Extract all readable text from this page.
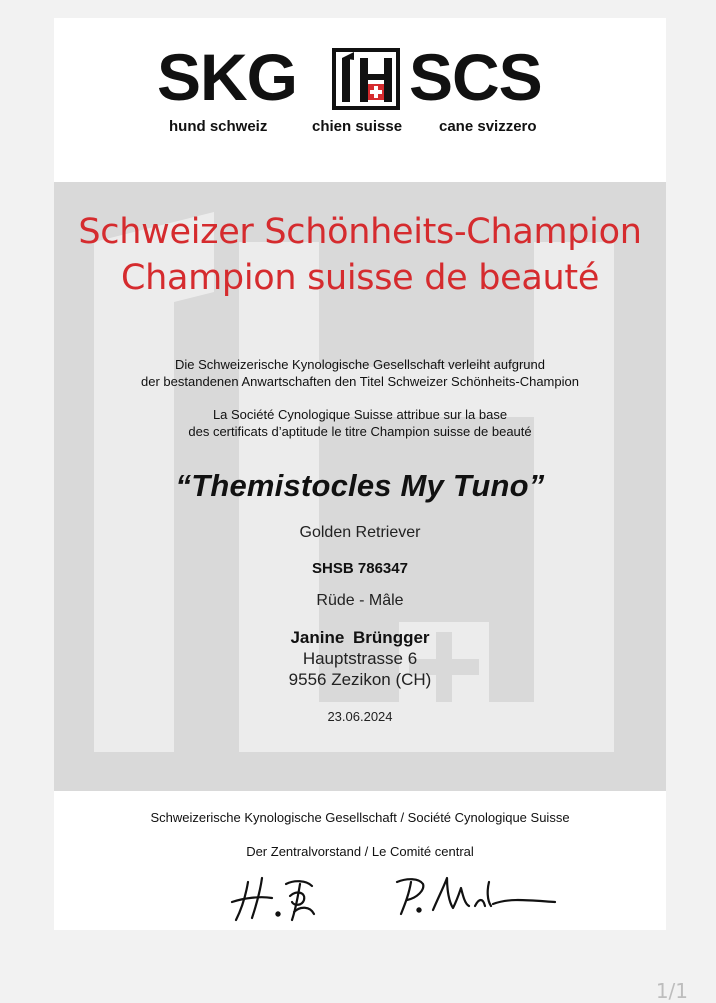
SKG SCS
hund schweiz	chien suisse cane svizzero
Schweizer Schönheits-Champion
Champion suisse de beauté
Die Schweizerische Kynologische Gesellschaft verleiht aufgrund
der bestandenen Anwartschaften den Titel Schweizer Schönheits-Champion
La Société Cynologique Suisse attribue sur la base
des certificats d’aptitude le titre Champion suisse de beauté
“Themistocles My Tuno”
Golden Retriever
SHSB 786347
Rüde - Mâle
Janine Brüngger
Hauptstrasse 6
9556 Zezikon (CH)
23.06.2024
Schweizerische Kynologische Gesellschaft / Société Cynologique Suisse
Der Zentralvorstand / Le Comité central
1/1
